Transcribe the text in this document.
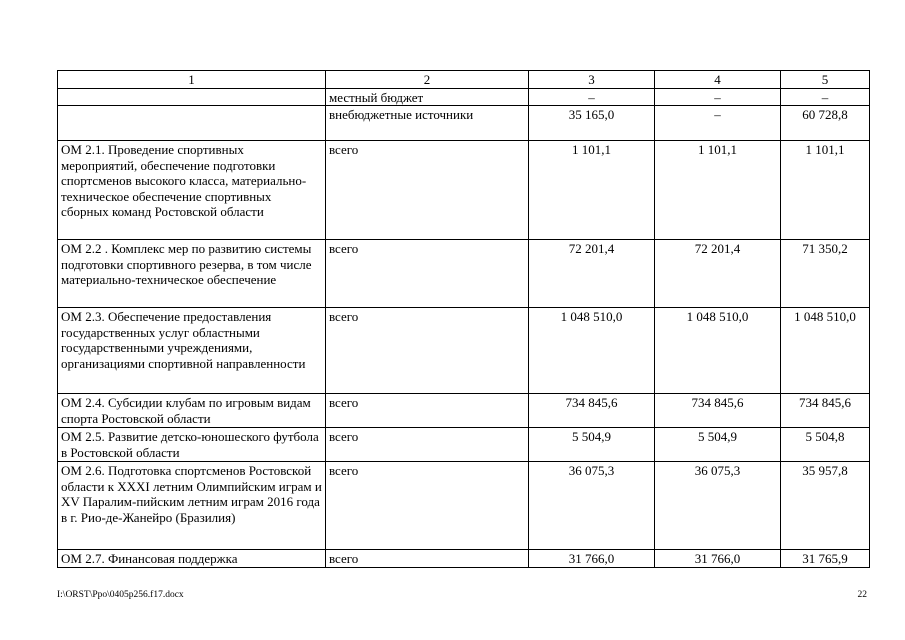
1	2	3	4	5
	местный бюджет	–	–	–
	внебюджетные источники	35 165,0	–	60 728,8
ОМ 2.1. Проведение спортивных мероприятий, обеспечение подготовки спортсменов высокого класса, материально-техническое обеспечение спортивных сборных команд Ростовской области	всего	1 101,1	1 101,1	1 101,1
ОМ 2.2 . Комплекс мер по развитию системы подготовки спортивного резерва, в том числе материально-техническое обеспечение	всего	72 201,4	72 201,4	71 350,2
ОМ 2.3. Обеспечение предоставления государственных услуг областными государственными учреждениями, организациями спортивной направленности	всего	1 048 510,0	1 048 510,0	1 048 510,0
ОМ 2.4. Субсидии клубам по игровым видам спорта Ростовской области	всего	734 845,6	734 845,6	734 845,6
ОМ 2.5. Развитие детско-юношеского футбола в Ростовской области	всего	5 504,9	5 504,9	5 504,8
ОМ 2.6. Подготовка спортсменов Ростовской области к XXXI летним Олимпийским играм и XV Паралим-пийским летним играм 2016 года в г. Рио-де-Жанейро (Бразилия)	всего	36 075,3	36 075,3	35 957,8
ОМ 2.7. Финансовая поддержка	всего	31 766,0	31 766,0	31 765,9
I:\ORST\Ppo\0405p256.f17.docx	22
